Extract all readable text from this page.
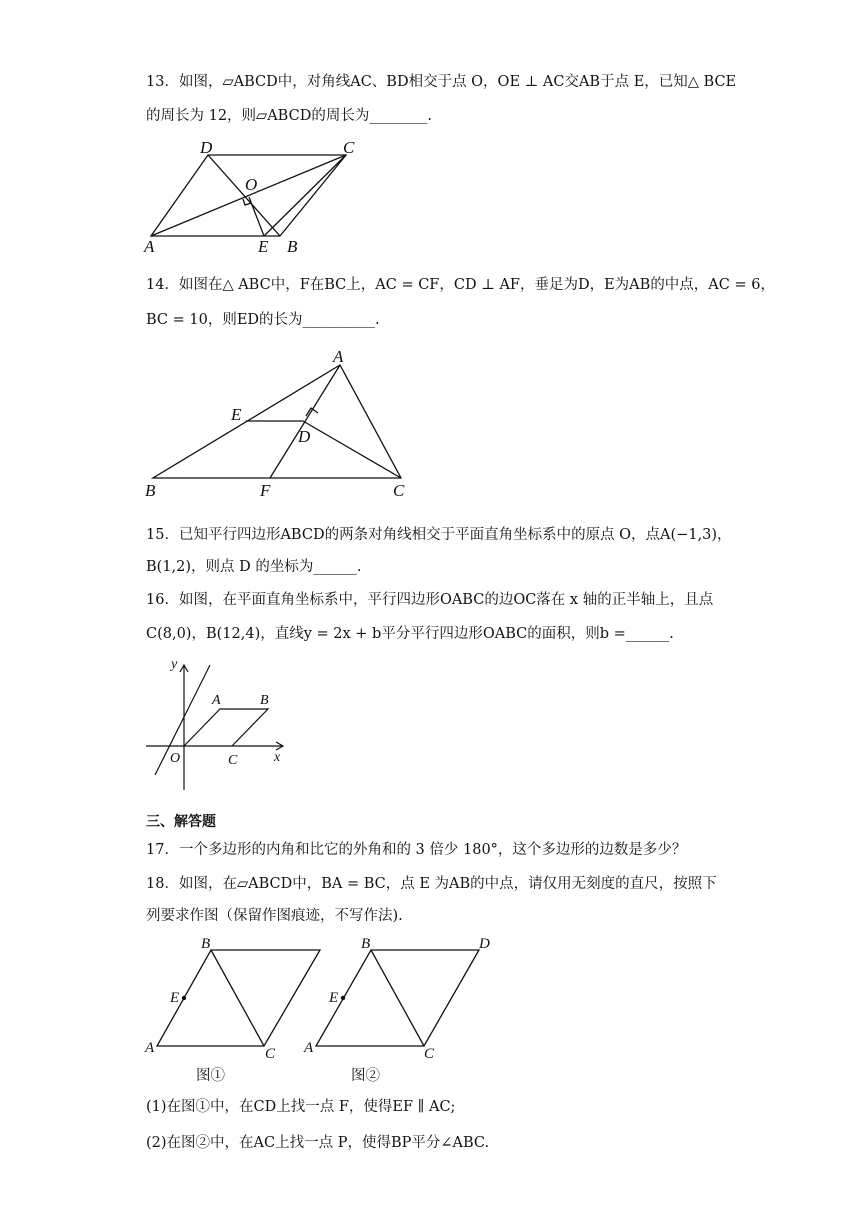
13．如图，▱ABCD中，对角线AC、BD相交于点 O，OE ⊥ AC交AB于点 E，已知△ BCE
的周长为 12，则▱ABCD的周长为________.
D	C
O
A	E B
14．如图在△ ABC中，F在BC上，AC = CF，CD ⊥ AF，垂足为D，E为AB的中点，AC = 6，
BC = 10，则ED的长为__________.
A
E
D
B	F	C
15．已知平行四边形ABCD的两条对角线相交于平面直角坐标系中的原点 O，点A(−1,3)，
B(1,2)，则点 D 的坐标为______.
16．如图，在平面直角坐标系中，平行四边形OABC的边OC落在 x 轴的正半轴上，且点
C(8,0)，B(12,4)，直线y = 2x + b平分平行四边形OABC的面积，则b =______.
y
x
O
A	B
C
三、解答题
17．一个多边形的内角和比它的外角和的 3 倍少 180°，这个多边形的边数是多少？
18．如图，在▱ABCD中，BA = BC，点 E 为AB的中点，请仅用无刻度的直尺，按照下
列要求作图（保留作图痕迹，不写作法).
B
E
A	C
B	D
E
A	C
图①	图②
(1)在图①中，在CD上找一点 F，使得EF ∥ AC;
(2)在图②中，在AC上找一点 P，使得BP平分∠ABC.
